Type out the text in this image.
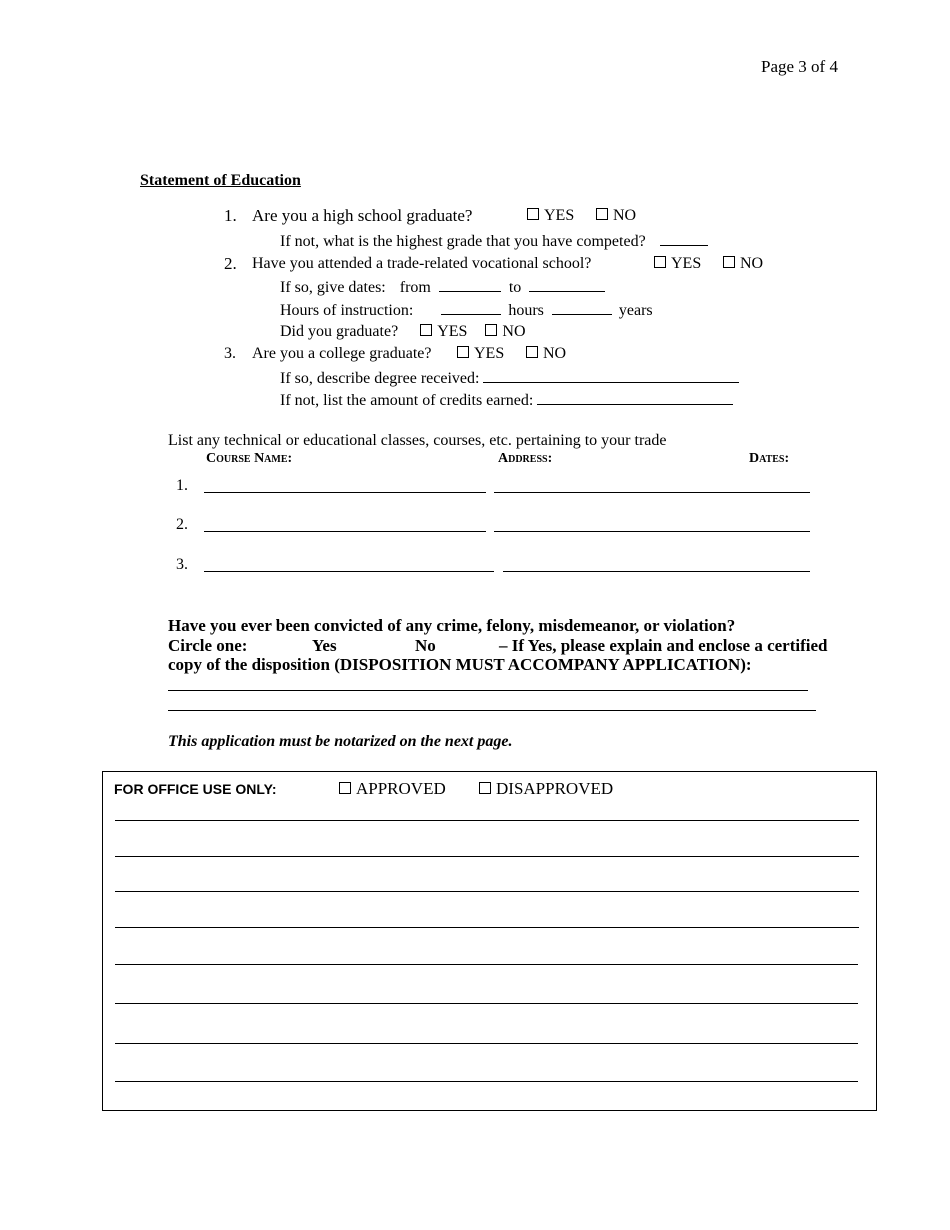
Page 3 of 4
Statement of Education
1. Are you a high school graduate?	YES	NO
If not, what is the highest grade that you have competed?
2. Have you attended a trade-related vocational school?	YES	NO
If so, give dates: from	to
Hours of instruction:	hours	years
Did you graduate? YES NO
3. Are you a college graduate?	YES	NO
If so, describe degree received:
If not, list the amount of credits earned:
List any technical or educational classes, courses, etc. pertaining to your trade
Course Name:	Address:	Dates:
1.
2.
3.
Have you ever been convicted of any crime, felony, misdemeanor, or violation?
Circle one:	Yes	No	– If Yes, please explain and enclose a certified
copy of the disposition (DISPOSITION MUST ACCOMPANY APPLICATION):
This application must be notarized on the next page.
FOR OFFICE USE ONLY:	APPROVED	DISAPPROVED
